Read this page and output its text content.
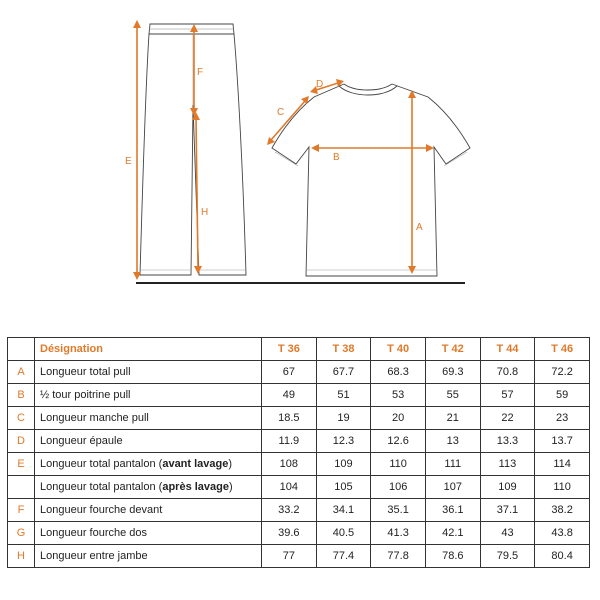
E
F
H
D
C
B
A
	Désignation	T 36	T 38	T 40	T 42	T 44	T 46
A	Longueur total pull	67	67.7	68.3	69.3	70.8	72.2
B	½ tour poitrine pull	49	51	53	55	57	59
C	Longueur manche pull	18.5	19	20	21	22	23
D	Longueur épaule	11.9	12.3	12.6	13	13.3	13.7
E	Longueur total pantalon (avant lavage)	108	109	110	111	113	114
	Longueur total pantalon (après lavage)	104	105	106	107	109	110
F	Longueur fourche devant	33.2	34.1	35.1	36.1	37.1	38.2
G	Longueur fourche dos	39.6	40.5	41.3	42.1	43	43.8
H	Longueur entre jambe	77	77.4	77.8	78.6	79.5	80.4
